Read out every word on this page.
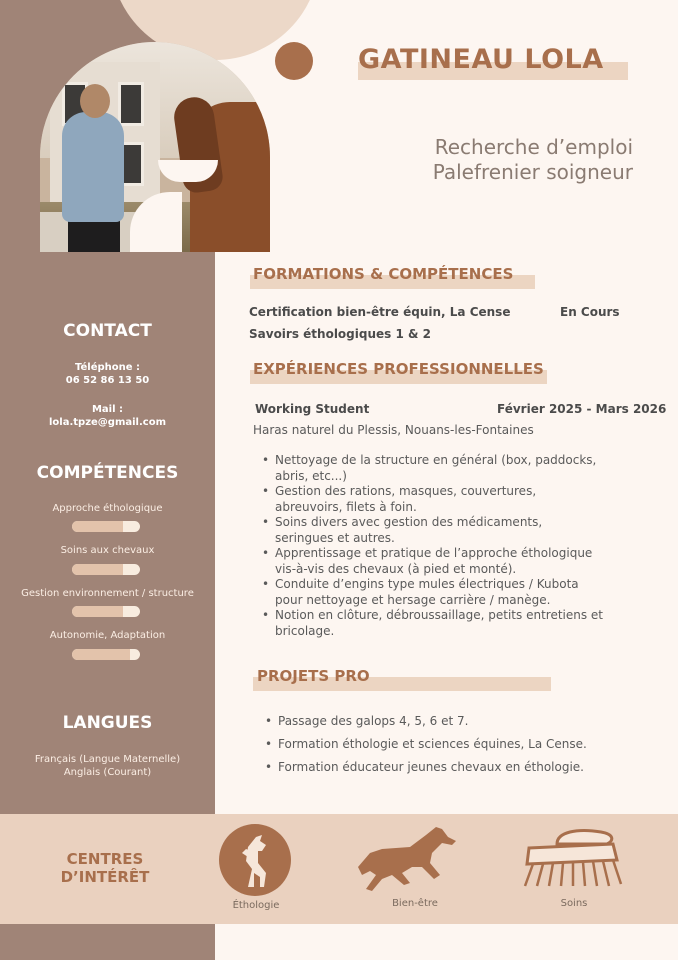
GATINEAU LOLA
Recherche d’emploi
Palefrenier soigneur
CONTACT
Téléphone :
06 52 86 13 50
Mail :
lola.tpze@gmail.com
COMPÉTENCES
Approche éthologique
Soins aux chevaux
Gestion environnement / structure
Autonomie, Adaptation
LANGUES
Français (Langue Maternelle)
Anglais (Courant)
FORMATIONS & COMPÉTENCES
Certification bien-être équin, La Cense	En Cours
Savoirs éthologiques 1 & 2
EXPÉRIENCES PROFESSIONNELLES
Working Student	Février 2025 - Mars 2026
Haras naturel du Plessis, Nouans-les-Fontaines
• Nettoyage de la structure en général (box, paddocks, abris, etc...)
• Gestion des rations, masques, couvertures, abreuvoirs, filets à foin.
• Soins divers avec gestion des médicaments, seringues et autres.
• Apprentissage et pratique de l’approche éthologique vis-à-vis des chevaux (à pied et monté).
• Conduite d’engins type mules électriques / Kubota pour nettoyage et hersage carrière / manège.
• Notion en clôture, débroussaillage, petits entretiens et bricolage.
PROJETS PRO
• Passage des galops 4, 5, 6 et 7.
• Formation éthologie et sciences équines, La Cense.
• Formation éducateur jeunes chevaux en éthologie.
CENTRES
D’INTÉRÊT
Éthologie	Bien-être	Soins
